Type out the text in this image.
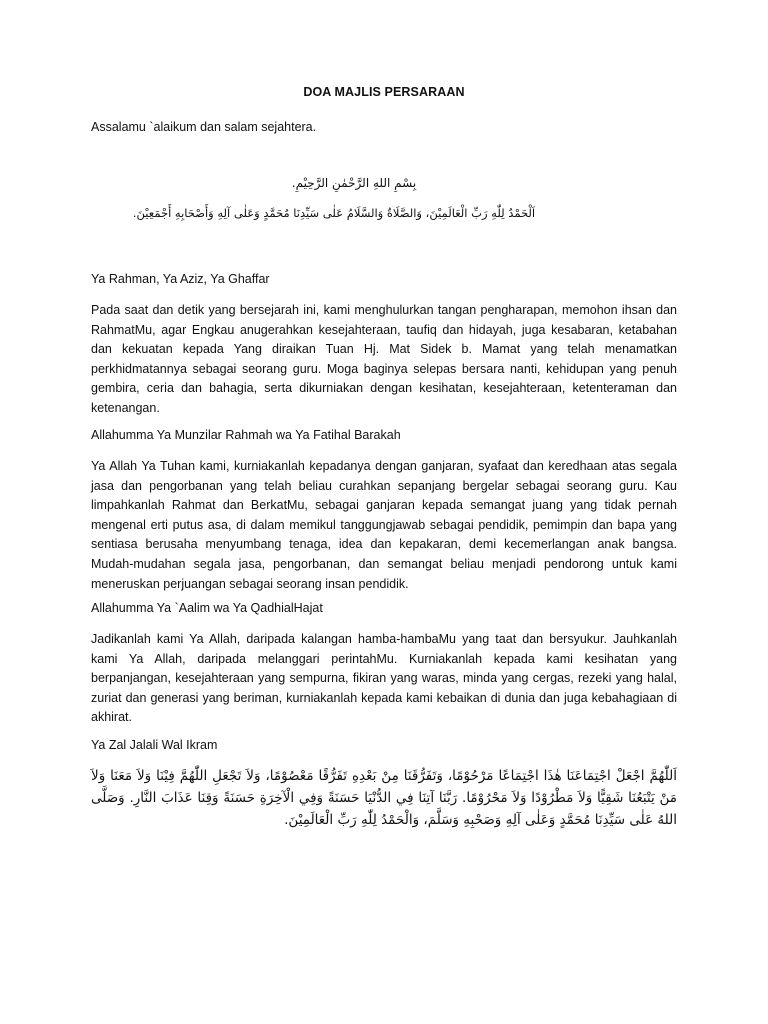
DOA MAJLIS PERSARAAN
Assalamu `alaikum dan salam sejahtera.
بِسْمِ اللهِ الرَّحْمٰنِ الرَّحِيْمِ.
اَلْحَمْدُ لِلّٰهِ رَبِّ الْعَالَمِيْنَ، وَالصَّلَاةُ وَالسَّلَامُ عَلٰى سَيِّدِنَا مُحَمَّدٍ وَعَلٰى آلِهِ وَأَصْحَابِهِ أَجْمَعِيْنَ.
Ya Rahman, Ya Aziz, Ya Ghaffar
Pada saat dan detik yang bersejarah ini, kami menghulurkan tangan pengharapan, memohon ihsan dan RahmatMu, agar Engkau anugerahkan kesejahteraan, taufiq dan hidayah, juga kesabaran, ketabahan dan kekuatan kepada Yang diraikan Tuan Hj. Mat Sidek b. Mamat yang telah menamatkan perkhidmatannya sebagai seorang guru. Moga baginya selepas bersara nanti, kehidupan yang penuh gembira, ceria dan bahagia, serta dikurniakan dengan kesihatan, kesejahteraan, ketenteraman dan ketenangan.
Allahumma Ya Munzilar Rahmah wa Ya Fatihal Barakah
Ya Allah Ya Tuhan kami, kurniakanlah kepadanya dengan ganjaran, syafaat dan keredhaan atas segala jasa dan pengorbanan yang telah beliau curahkan sepanjang bergelar sebagai seorang guru. Kau limpahkanlah Rahmat dan BerkatMu, sebagai ganjaran kepada semangat juang yang tidak pernah mengenal erti putus asa, di dalam memikul tanggungjawab sebagai pendidik, pemimpin dan bapa yang sentiasa berusaha menyumbang tenaga, idea dan kepakaran, demi kecemerlangan anak bangsa. Mudah-mudahan segala jasa, pengorbanan, dan semangat beliau menjadi pendorong untuk kami meneruskan perjuangan sebagai seorang insan pendidik.
Allahumma Ya `Aalim wa Ya QadhialHajat
Jadikanlah kami Ya Allah, daripada kalangan hamba-hambaMu yang taat dan bersyukur. Jauhkanlah kami Ya Allah, daripada melanggari perintahMu. Kurniakanlah kepada kami kesihatan yang berpanjangan, kesejahteraan yang sempurna, fikiran yang waras, minda yang cergas, rezeki yang halal, zuriat dan generasi yang beriman, kurniakanlah kepada kami kebaikan di dunia dan juga kebahagiaan di akhirat.
Ya Zal Jalali Wal Ikram
اَللّٰهُمَّ اجْعَلْ اجْتِمَاعَنَا هٰذَا اجْتِمَاعًا مَرْحُوْمًا، وَتَفَرُّقَنَا مِنْ بَعْدِهِ تَفَرُّقًا مَعْصُوْمًا، وَلاَ تَجْعَلِ اللّٰهُمَّ فِيْنَا وَلاَ مَعَنَا وَلاَ مَنْ يَتْبَعُنَا شَقِيًّا وَلاَ مَطْرُوْدًا وَلاَ مَحْرُوْمًا. رَبَّنَا آتِنَا فِي الدُّنْيَا حَسَنَةً وَفِي الْآخِرَةِ حَسَنَةً وَقِنَا عَذَابَ النَّارِ. وَصَلَّى اللهُ عَلٰى سَيِّدِنَا مُحَمَّدٍ وَعَلٰى آلِهِ وَصَحْبِهِ وَسَلَّمَ، وَالْحَمْدُ لِلّٰهِ رَبِّ الْعَالَمِيْنَ.
